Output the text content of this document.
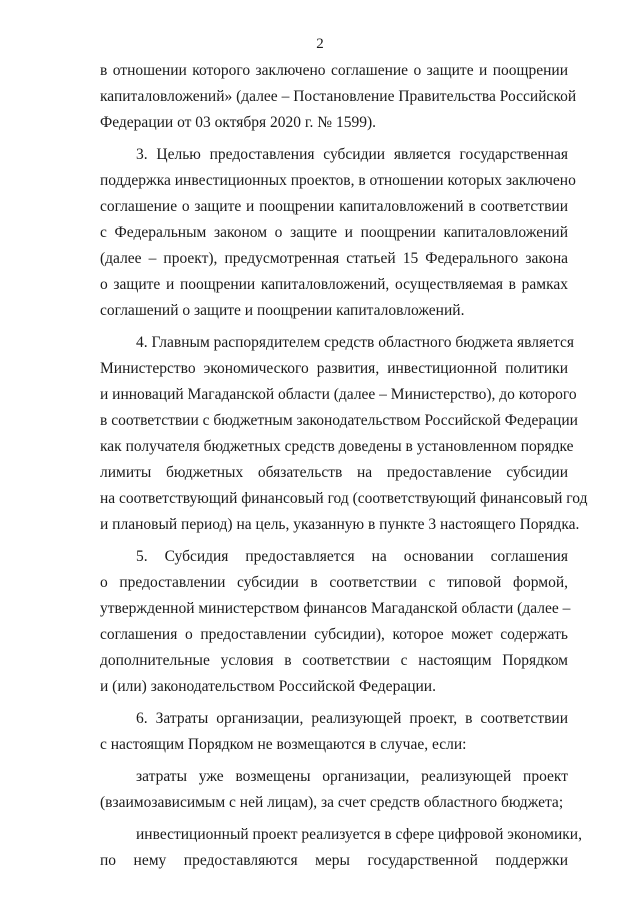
2
в отношении которого заключено соглашение о защите и поощрении
капиталовложений» (далее – Постановление Правительства Российской
Федерации от 03 октября 2020 г. № 1599).
3. Целью предоставления субсидии является государственная
поддержка инвестиционных проектов, в отношении которых заключено
соглашение о защите и поощрении капиталовложений в соответствии
с Федеральным законом о защите и поощрении капиталовложений
(далее – проект), предусмотренная статьей 15 Федерального закона
о защите и поощрении капиталовложений, осуществляемая в рамках
соглашений о защите и поощрении капиталовложений.
4. Главным распорядителем средств областного бюджета является
Министерство экономического развития, инвестиционной политики
и инноваций Магаданской области (далее – Министерство), до которого
в соответствии с бюджетным законодательством Российской Федерации
как получателя бюджетных средств доведены в установленном порядке
лимиты бюджетных обязательств на предоставление субсидии
на соответствующий финансовый год (соответствующий финансовый год
и плановый период) на цель, указанную в пункте 3 настоящего Порядка.
5. Субсидия предоставляется на основании соглашения
о предоставлении субсидии в соответствии с типовой формой,
утвержденной министерством финансов Магаданской области (далее –
соглашения о предоставлении субсидии), которое может содержать
дополнительные условия в соответствии с настоящим Порядком
и (или) законодательством Российской Федерации.
6. Затраты организации, реализующей проект, в соответствии
с настоящим Порядком не возмещаются в случае, если:
затраты уже возмещены организации, реализующей проект
(взаимозависимым с ней лицам), за счет средств областного бюджета;
инвестиционный проект реализуется в сфере цифровой экономики,
по нему предоставляются меры государственной поддержки
